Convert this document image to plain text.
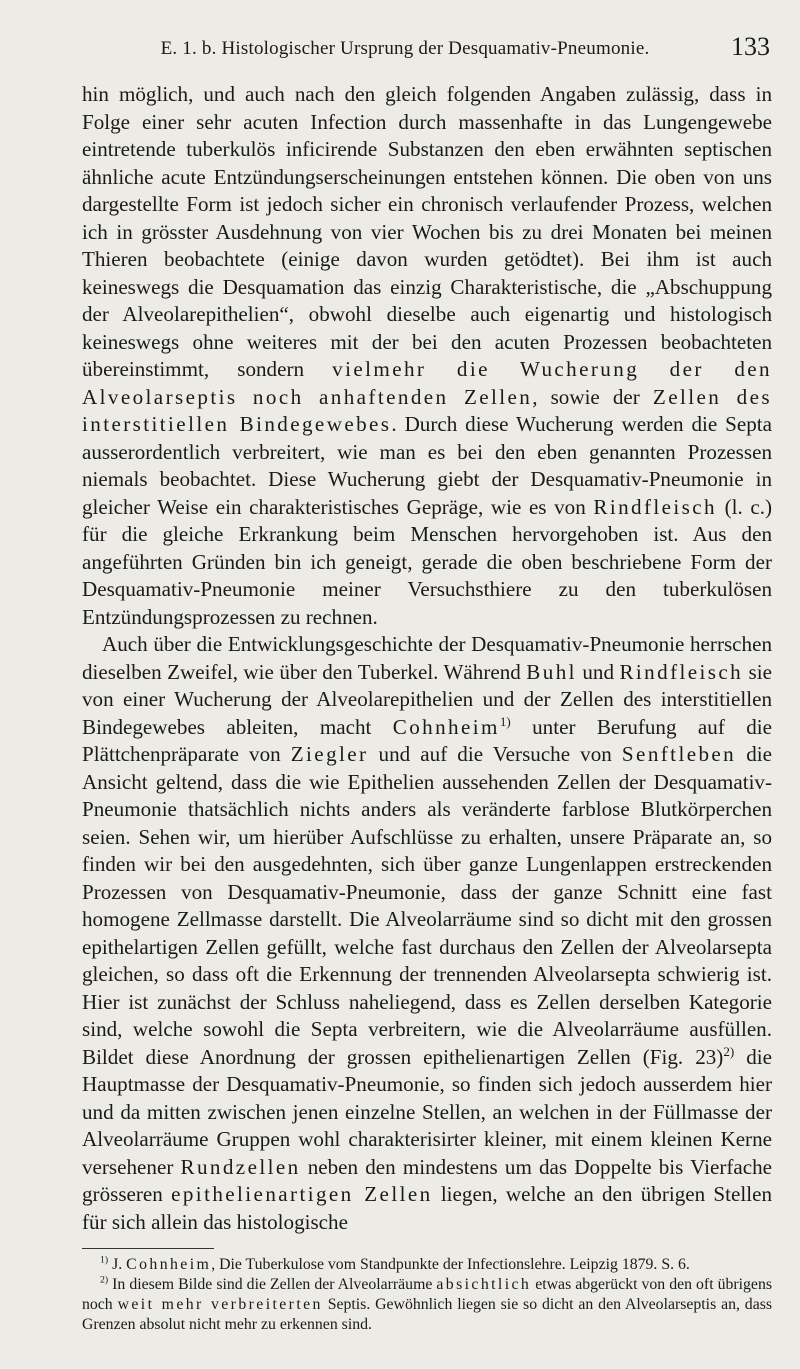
E. 1. b. Histologischer Ursprung der Desquamativ-Pneumonie.	133

hin möglich, und auch nach den gleich folgenden Angaben zulässig, dass in Folge einer sehr acuten Infection durch massenhafte in das Lungengewebe eintretende tuberkulös inficirende Substanzen den eben erwähnten septischen ähnliche acute Entzündungserscheinungen entstehen können. Die oben von uns dargestellte Form ist jedoch sicher ein chronisch verlaufender Prozess, welchen ich in grösster Ausdehnung von vier Wochen bis zu drei Monaten bei meinen Thieren beobachtete (einige davon wurden getödtet). Bei ihm ist auch keineswegs die Desquamation das einzig Charakteristische, die „Abschuppung der Alveolarepithelien“, obwohl dieselbe auch eigenartig und histologisch keineswegs ohne weiteres mit der bei den acuten Prozessen beobachteten übereinstimmt, sondern vielmehr die Wucherung der den Alveolarseptis noch anhaftenden Zellen, sowie der Zellen des interstitiellen Bindegewebes. Durch diese Wucherung werden die Septa ausserordentlich verbreitert, wie man es bei den eben genannten Prozessen niemals beobachtet. Diese Wucherung giebt der Desquamativ-Pneumonie in gleicher Weise ein charakteristisches Gepräge, wie es von Rindfleisch (l. c.) für die gleiche Erkrankung beim Menschen hervorgehoben ist. Aus den angeführten Gründen bin ich geneigt, gerade die oben beschriebene Form der Desquamativ-Pneumonie meiner Versuchsthiere zu den tuberkulösen Entzündungsprozessen zu rechnen.

Auch über die Entwicklungsgeschichte der Desquamativ-Pneumonie herrschen dieselben Zweifel, wie über den Tuberkel. Während Buhl und Rindfleisch sie von einer Wucherung der Alveolarepithelien und der Zellen des interstitiellen Bindegewebes ableiten, macht Cohnheim$^{1)}$ unter Berufung auf die Plättchenpräparate von Ziegler und auf die Versuche von Senftleben die Ansicht geltend, dass die wie Epithelien aussehenden Zellen der Desquamativ-Pneumonie thatsächlich nichts anders als veränderte farblose Blutkörperchen seien. Sehen wir, um hierüber Aufschlüsse zu erhalten, unsere Präparate an, so finden wir bei den ausgedehnten, sich über ganze Lungenlappen erstreckenden Prozessen von Desquamativ-Pneumonie, dass der ganze Schnitt eine fast homogene Zellmasse darstellt. Die Alveolarräume sind so dicht mit den grossen epithelartigen Zellen gefüllt, welche fast durchaus den Zellen der Alveolarsepta gleichen, so dass oft die Erkennung der trennenden Alveolarsepta schwierig ist. Hier ist zunächst der Schluss naheliegend, dass es Zellen derselben Kategorie sind, welche sowohl die Septa verbreitern, wie die Alveolarräume ausfüllen. Bildet diese Anordnung der grossen epithelienartigen Zellen (Fig. 23)$^{2)}$ die Hauptmasse der Desquamativ-Pneumonie, so finden sich jedoch ausserdem hier und da mitten zwischen jenen einzelne Stellen, an welchen in der Füllmasse der Alveolarräume Gruppen wohl charakterisirter kleiner, mit einem kleinen Kerne versehener Rundzellen neben den mindestens um das Doppelte bis Vierfache grösseren epithelienartigen Zellen liegen, welche an den übrigen Stellen für sich allein das histologische

$^{1)}$ J. Cohnheim, Die Tuberkulose vom Standpunkte der Infectionslehre. Leipzig 1879. S. 6.

$^{2)}$ In diesem Bilde sind die Zellen der Alveolarräume absichtlich etwas abgerückt von den oft übrigens noch weit mehr verbreiterten Septis. Gewöhnlich liegen sie so dicht an den Alveolarseptis an, dass Grenzen absolut nicht mehr zu erkennen sind.
